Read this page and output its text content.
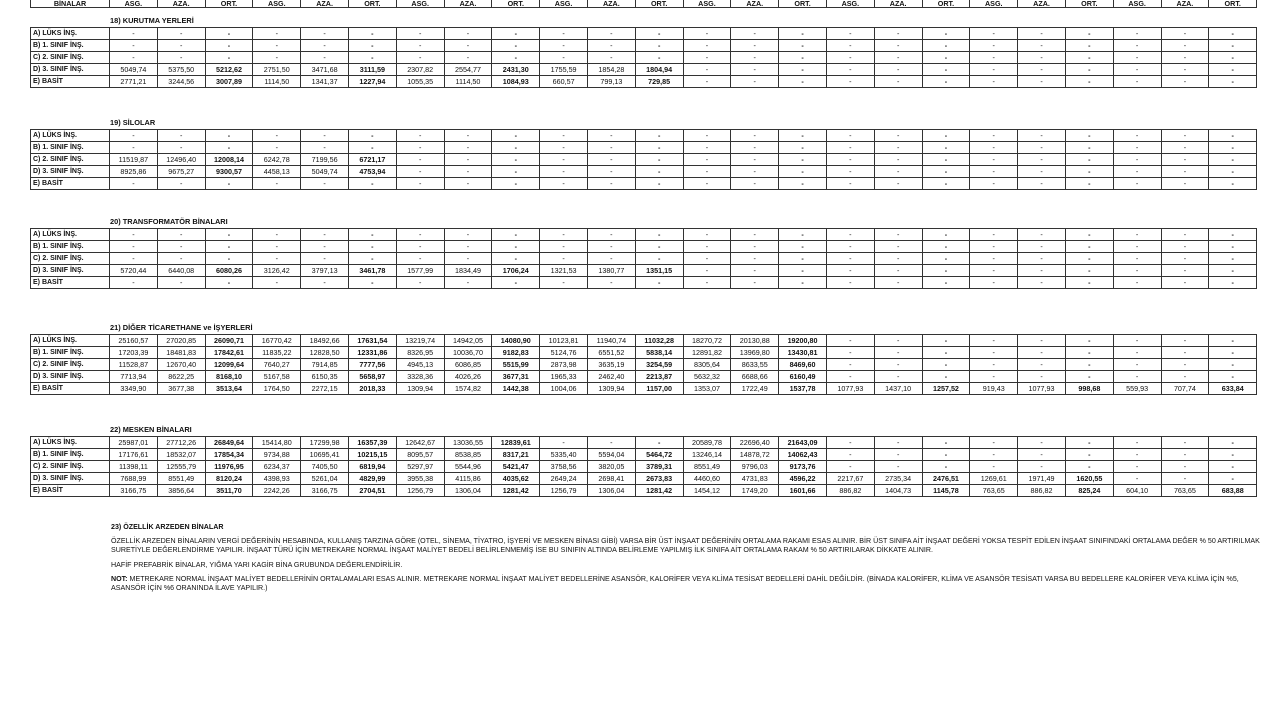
BİNALAR	ASG.	AZA.	ORT.	ASG.	AZA.	ORT.	ASG.	AZA.	ORT.	ASG.	AZA.	ORT.	ASG.	AZA.	ORT.	ASG.	AZA.	ORT.	ASG.	AZA.	ORT.	ASG.	AZA.	ORT.
18) KURUTMA YERLERİ
A) LÜKS İNŞ.	-	-	-	-	-	-	-	-	-	-	-	-	-	-	-	-	-	-	-	-	-	-	-	-
B) 1. SINIF İNŞ.	-	-	-	-	-	-	-	-	-	-	-	-	-	-	-	-	-	-	-	-	-	-	-	-
C) 2. SINIF İNŞ.	-	-	-	-	-	-	-	-	-	-	-	-	-	-	-	-	-	-	-	-	-	-	-	-
D) 3. SINIF İNŞ.	5049,74	5375,50	5212,62	2751,50	3471,68	3111,59	2307,82	2554,77	2431,30	1755,59	1854,28	1804,94	-	-	-	-	-	-	-	-	-	-	-	-
E) BASİT	2771,21	3244,56	3007,89	1114,50	1341,37	1227,94	1055,35	1114,50	1084,93	660,57	799,13	729,85	-	-	-	-	-	-	-	-	-	-	-	-
19) SİLOLAR
A) LÜKS İNŞ.	-	-	-	-	-	-	-	-	-	-	-	-	-	-	-	-	-	-	-	-	-	-	-	-
B) 1. SINIF İNŞ.	-	-	-	-	-	-	-	-	-	-	-	-	-	-	-	-	-	-	-	-	-	-	-	-
C) 2. SINIF İNŞ.	11519,87	12496,40	12008,14	6242,78	7199,56	6721,17	-	-	-	-	-	-	-	-	-	-	-	-	-	-	-	-	-	-
D) 3. SINIF İNŞ.	8925,86	9675,27	9300,57	4458,13	5049,74	4753,94	-	-	-	-	-	-	-	-	-	-	-	-	-	-	-	-	-	-
E) BASİT	-	-	-	-	-	-	-	-	-	-	-	-	-	-	-	-	-	-	-	-	-	-	-	-
20) TRANSFORMATÖR BİNALARI
A) LÜKS İNŞ.	-	-	-	-	-	-	-	-	-	-	-	-	-	-	-	-	-	-	-	-	-	-	-	-
B) 1. SINIF İNŞ.	-	-	-	-	-	-	-	-	-	-	-	-	-	-	-	-	-	-	-	-	-	-	-	-
C) 2. SINIF İNŞ.	-	-	-	-	-	-	-	-	-	-	-	-	-	-	-	-	-	-	-	-	-	-	-	-
D) 3. SINIF İNŞ.	5720,44	6440,08	6080,26	3126,42	3797,13	3461,78	1577,99	1834,49	1706,24	1321,53	1380,77	1351,15	-	-	-	-	-	-	-	-	-	-	-	-
E) BASİT	-	-	-	-	-	-	-	-	-	-	-	-	-	-	-	-	-	-	-	-	-	-	-	-
21) DİĞER TİCARETHANE ve İŞYERLERİ
A) LÜKS İNŞ.	25160,57	27020,85	26090,71	16770,42	18492,66	17631,54	13219,74	14942,05	14080,90	10123,81	11940,74	11032,28	18270,72	20130,88	19200,80	-	-	-	-	-	-	-	-	-
B) 1. SINIF İNŞ.	17203,39	18481,83	17842,61	11835,22	12828,50	12331,86	8326,95	10036,70	9182,83	5124,76	6551,52	5838,14	12891,82	13969,80	13430,81	-	-	-	-	-	-	-	-	-
C) 2. SINIF İNŞ.	11528,87	12670,40	12099,64	7640,27	7914,85	7777,56	4945,13	6086,85	5515,99	2873,98	3635,19	3254,59	8305,64	8633,55	8469,60	-	-	-	-	-	-	-	-	-
D) 3. SINIF İNŞ.	7713,94	8622,25	8168,10	5167,58	6150,35	5658,97	3328,36	4026,26	3677,31	1965,33	2462,40	2213,87	5632,32	6688,66	6160,49	-	-	-	-	-	-	-	-	-
E) BASİT	3349,90	3677,38	3513,64	1764,50	2272,15	2018,33	1309,94	1574,82	1442,38	1004,06	1309,94	1157,00	1353,07	1722,49	1537,78	1077,93	1437,10	1257,52	919,43	1077,93	998,68	559,93	707,74	633,84
22) MESKEN BİNALARI
A) LÜKS İNŞ.	25987,01	27712,26	26849,64	15414,80	17299,98	16357,39	12642,67	13036,55	12839,61	-	-	-	20589,78	22696,40	21643,09	-	-	-	-	-	-	-	-	-
B) 1. SINIF İNŞ.	17176,61	18532,07	17854,34	9734,88	10695,41	10215,15	8095,57	8538,85	8317,21	5335,40	5594,04	5464,72	13246,14	14878,72	14062,43	-	-	-	-	-	-	-	-	-
C) 2. SINIF İNŞ.	11398,11	12555,79	11976,95	6234,37	7405,50	6819,94	5297,97	5544,96	5421,47	3758,56	3820,05	3789,31	8551,49	9796,03	9173,76	-	-	-	-	-	-	-	-	-
D) 3. SINIF İNŞ.	7688,99	8551,49	8120,24	4398,93	5261,04	4829,99	3955,38	4115,86	4035,62	2649,24	2698,41	2673,83	4460,60	4731,83	4596,22	2217,67	2735,34	2476,51	1269,61	1971,49	1620,55	-	-	-
E) BASİT	3166,75	3856,64	3511,70	2242,26	3166,75	2704,51	1256,79	1306,04	1281,42	1256,79	1306,04	1281,42	1454,12	1749,20	1601,66	886,82	1404,73	1145,78	763,65	886,82	825,24	604,10	763,65	683,88

23) ÖZELLİK ARZEDEN BİNALAR

ÖZELLİK ARZEDEN BİNALARIN VERGİ DEĞERİNİN HESABINDA, KULLANIŞ TARZINA GÖRE (OTEL, SİNEMA, TİYATRO, İŞYERİ VE MESKEN BİNASI GİBİ) VARSA BİR ÜST İNŞAAT DEĞERİNİN ORTALAMA RAKAMI ESAS ALINIR. BİR ÜST SINIFA AİT İNŞAAT DEĞERİ YOKSA TESPİT EDİLEN İNŞAAT SINIFINDAKİ ORTALAMA DEĞER % 50 ARTIRILMAK SURETİYLE DEĞERLENDİRME YAPILIR. İNŞAAT TÜRÜ İÇİN METREKARE NORMAL İNŞAAT MALİYET BEDELİ BELİRLENMEMİŞ İSE BU SINIFIN ALTINDA BELİRLEME YAPILMIŞ İLK SINIFA AİT ORTALAMA RAKAM % 50 ARTIRILARAK DİKKATE ALINIR.

HAFİF PREFABRİK BİNALAR, YIĞMA YARI KAGİR BİNA GRUBUNDA DEĞERLENDİRİLİR.

NOT: METREKARE NORMAL İNŞAAT MALİYET BEDELLERİNİN ORTALAMALARI ESAS ALINIR. METREKARE NORMAL İNŞAAT MALİYET BEDELLERİNE ASANSÖR, KALORİFER VEYA KLİMA TESİSAT BEDELLERİ DAHİL DEĞİLDİR. (BİNADA KALORİFER, KLİMA VE ASANSÖR TESİSATI VARSA BU BEDELLERE KALORİFER VEYA KLİMA İÇİN %5, ASANSÖR İÇİN %6 ORANINDA İLAVE YAPILIR.)
